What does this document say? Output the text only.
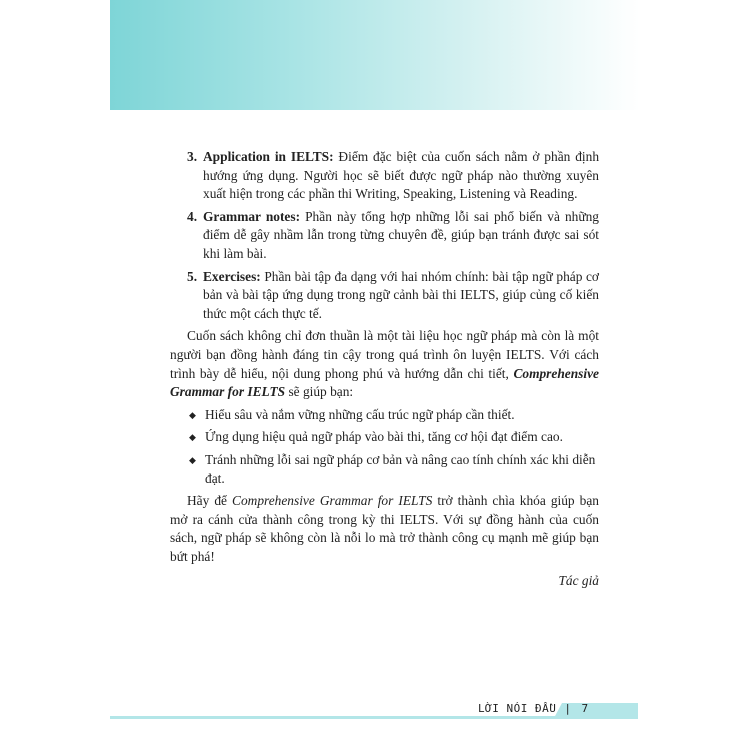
3. Application in IELTS: Điểm đặc biệt của cuốn sách nằm ở phần định hướng ứng dụng. Người học sẽ biết được ngữ pháp nào thường xuyên xuất hiện trong các phần thi Writing, Speaking, Listening và Reading.
4. Grammar notes: Phần này tổng hợp những lỗi sai phổ biến và những điểm dễ gây nhầm lẫn trong từng chuyên đề, giúp bạn tránh được sai sót khi làm bài.
5. Exercises: Phần bài tập đa dạng với hai nhóm chính: bài tập ngữ pháp cơ bản và bài tập ứng dụng trong ngữ cảnh bài thi IELTS, giúp củng cố kiến thức một cách thực tế.

Cuốn sách không chỉ đơn thuần là một tài liệu học ngữ pháp mà còn là một người bạn đồng hành đáng tin cậy trong quá trình ôn luyện IELTS. Với cách trình bày dễ hiểu, nội dung phong phú và hướng dẫn chi tiết, Comprehensive Grammar for IELTS sẽ giúp bạn:

◆ Hiểu sâu và nắm vững những cấu trúc ngữ pháp cần thiết.
◆ Ứng dụng hiệu quả ngữ pháp vào bài thi, tăng cơ hội đạt điểm cao.
◆ Tránh những lỗi sai ngữ pháp cơ bản và nâng cao tính chính xác khi diễn đạt.

Hãy để Comprehensive Grammar for IELTS trở thành chìa khóa giúp bạn mở ra cánh cửa thành công trong kỳ thi IELTS. Với sự đồng hành của cuốn sách, ngữ pháp sẽ không còn là nỗi lo mà trở thành công cụ mạnh mẽ giúp bạn bứt phá!

Tác giả
LỜI NÓI ĐẦU | 7
